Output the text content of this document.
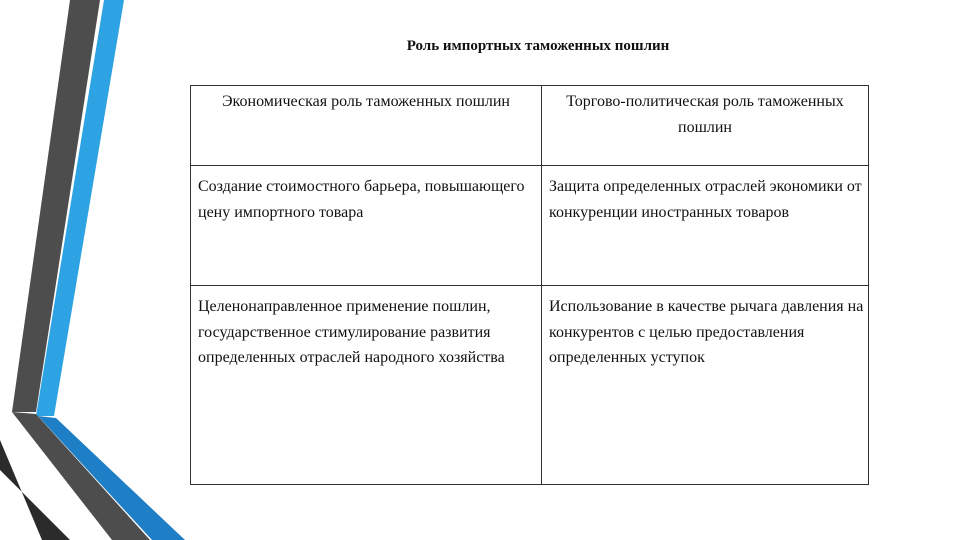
Роль импортных таможенных пошлин
Экономическая роль таможенных пошлин	Торгово-политическая роль таможенных пошлин
Создание стоимостного барьера, повышающего цену импортного товара	Защита определенных отраслей экономики от конкуренции иностранных товаров
Целенонаправленное применение пошлин, государственное стимулирование развития определенных отраслей народного хозяйства	Использование в качестве рычага давления на конкурентов с целью предоставления определенных уступок
